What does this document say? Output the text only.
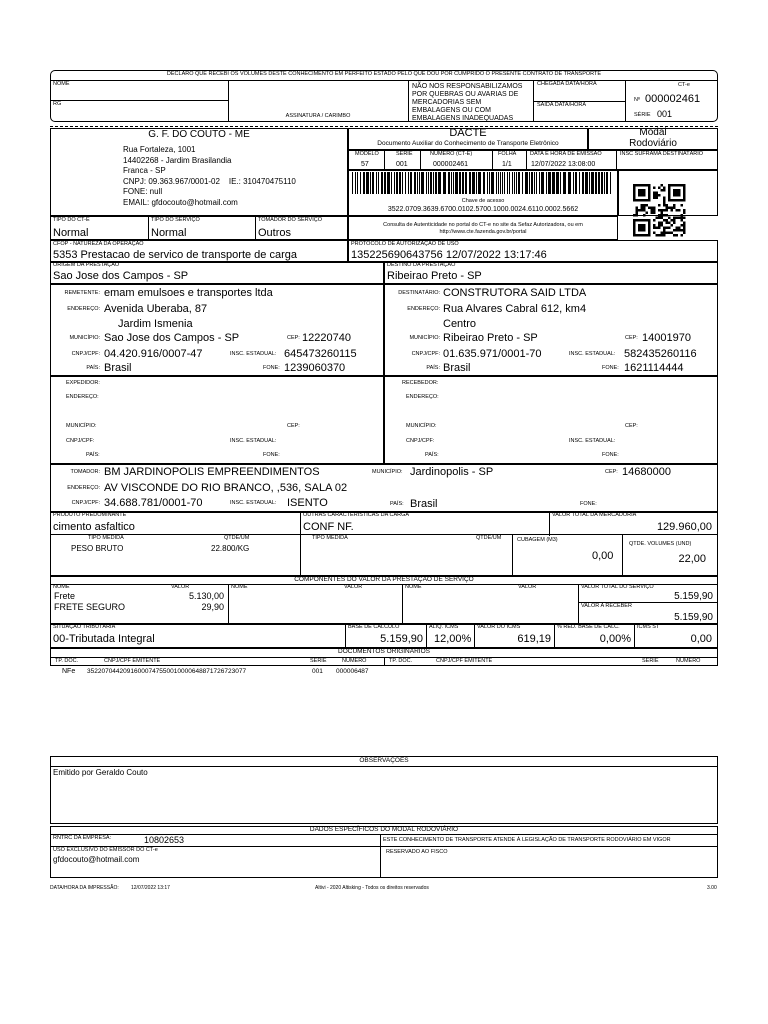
DECLARO QUE RECEBI OS VOLUMES DESTE CONHECIMENTO EM PERFEITO ESTADO PELO QUE DOU POR CUMPRIDO O PRESENTE CONTRATO DE TRANSPORTE
NOME
RG
ASSINATURA / CARIMBO
NÃO NOS RESPONSABILIZAMOS
POR QUEBRAS OU AVARIAS DE
MERCADORIAS SEM
EMBALAGENS OU COM
EMBALAGENS INADEQUADAS
CHEGADA DATA/HORA
SAÍDA DATA/HORA
CT-e
Nº 000002461
SÉRIE 001
G. F. DO COUTO - ME
Rua Fortaleza, 1001
14402268 - Jardim Brasilandia
Franca - SP
CNPJ: 09.363.967/0001-02 IE.: 310470475110
FONE: null
EMAIL: gfdocouto@hotmail.com
DACTE
Documento Auxiliar do Conhecimento de Transporte Eletrônico
Modal
Rodoviário
MODELO
57
SÉRIE
001
NÚMERO (CT-E)
000002461
FOLHA
1/1
DATA E HORA DE EMISSÃO
12/07/2022 13:08:00
INSC SUFRAMA DESTINATÁRIO
Chave de acesso
3522.0709.3639.6700.0102.5700.1000.0024.6110.0002.5662
TIPO DO CT-E
Normal
TIPO DO SERVIÇO
Normal
TOMADOR DO SERVIÇO
Outros
Consulta de Autenticidade no portal do CT-e no site da Sefaz Autorizadora, ou em
http://www.cte.fazenda.gov.br/portal
CFOP - NATUREZA DA OPERAÇÃO
5353 Prestacao de servico de transporte de carga
PROTOCOLO DE AUTORIZAÇÃO DE USO
135225690643756 12/07/2022 13:17:46
ORIGEM DA PRESTAÇÃO
Sao Jose dos Campos - SP
DESTINO DA PRESTAÇÃO
Ribeirao Preto - SP
REMETENTE: emam emulsoes e transportes ltda
ENDEREÇO: Avenida Uberaba, 87
Jardim Ismenia
MUNICÍPIO: Sao Jose dos Campos - SP	CEP: 12220740
CNPJ/CPF: 04.420.916/0007-47	INSC. ESTADUAL: 645473260115
PAÍS: Brasil	FONE: 1239060370
DESTINATÁRIO: CONSTRUTORA SAID LTDA
ENDEREÇO: Rua Alvares Cabral 612, km4
Centro
MUNICÍPIO: Ribeirao Preto - SP	CEP: 14001970
CNPJ/CPF: 01.635.971/0001-70	INSC. ESTADUAL: 582435260116
PAÍS: Brasil	FONE: 1621114444
EXPEDIDOR:
ENDEREÇO:
MUNICÍPIO:	CEP:
CNPJ/CPF:	INSC. ESTADUAL:
PAÍS:	FONE:
RECEBEDOR:
ENDEREÇO:
MUNICÍPIO:	CEP:
CNPJ/CPF:	INSC. ESTADUAL:
PAÍS:	FONE:
TOMADOR: BM JARDINOPOLIS EMPREENDIMENTOS	MUNICÍPIO: Jardinopolis - SP	CEP: 14680000
ENDEREÇO: AV VISCONDE DO RIO BRANCO, ,536, SALA 02
CNPJ/CPF: 34.688.781/0001-70	INSC. ESTADUAL: ISENTO	PAÍS: Brasil	FONE:
PRODUTO PREDOMINANTE
cimento asfaltico
OUTRAS CARACTERÍSTICAS DA CARGA
CONF NF.
VALOR TOTAL DA MERCADORIA
129.960,00
TIPO MEDIDA	QTDE/UM
PESO BRUTO	22.800/KG
TIPO MEDIDA	QTDE/UM	CUBAGEM (M3)
0,00
QTDE. VOLUMES (UND)
22,00
COMPONENTES DO VALOR DA PRESTAÇÃO DE SERVIÇO
NOME	VALOR	NOME	VALOR	NOME	VALOR
Frete	5.130,00
FRETE SEGURO	29,90
VALOR TOTAL DO SERVIÇO
5.159,90
VALOR A RECEBER
5.159,90
SITUAÇÃO TRIBUTÁRIA
00-Tributada Integral
BASE DE CÁLCULO
5.159,90
ALÍQ. ICMS
12,00%
VALOR DO ICMS
619,19
% RED. BASE DE CALC.
0,00%
ICMS ST
0,00
DOCUMENTOS ORIGINÁRIOS
TP. DOC.	CNPJ/CPF EMITENTE	SÉRIE	NÚMERO	TP. DOC.	CNPJ/CPF EMITENTE	SÉRIE	NÚMERO
NFe 35220704420916000747550010000648871726723077	001 000006487
OBSERVAÇÕES
Emitido por Geraldo Couto
DADOS ESPECÍFICOS DO MODAL RODOVIÁRIO
RNTRC DA EMPRESA:	10802653	ESTE CONHECIMENTO DE TRANSPORTE ATENDE À LEGISLAÇÃO DE TRANSPORTE RODOVIÁRIO EM VIGOR
USO EXCLUSIVO DO EMISSOR DO CT-e
gfdocouto@hotmail.com
RESERVADO AO FISCO
DATA/HORA DA IMPRESSÃO: 12/07/2022 13:17	Altivi - 2020 Altisking - Todos os direitos reservados	3.00
